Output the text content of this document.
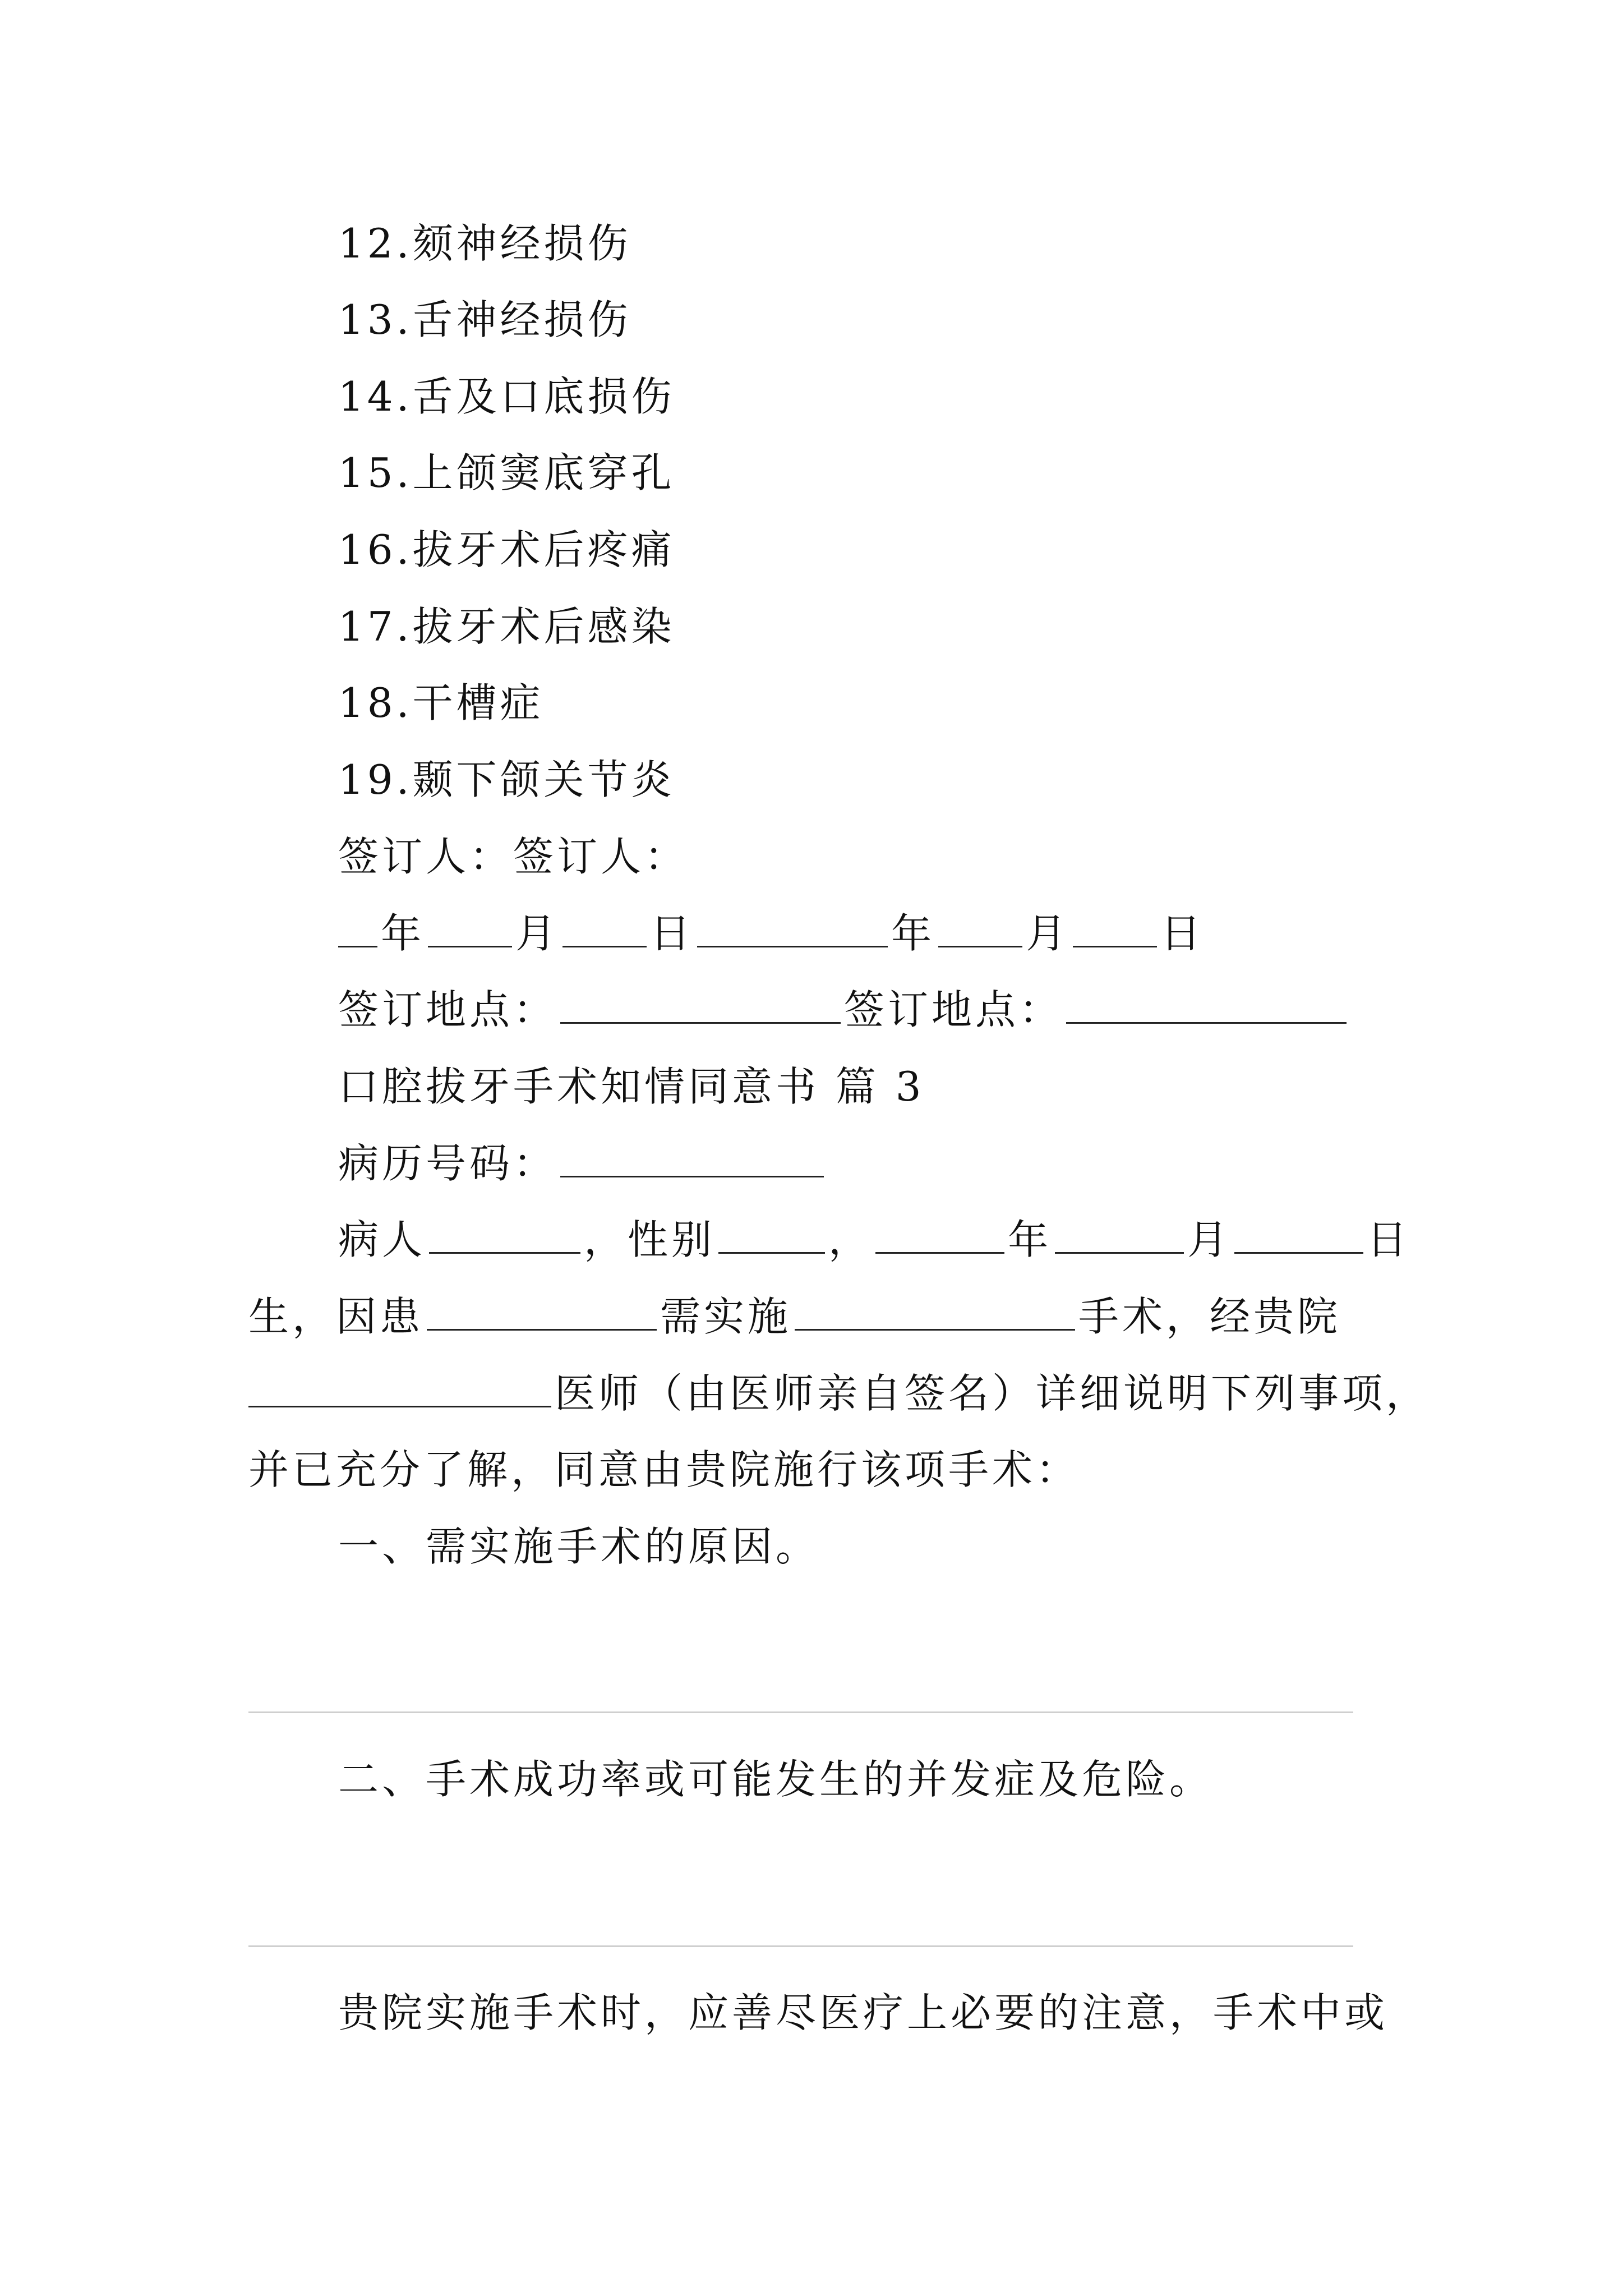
12.颏神经损伤
13.舌神经损伤
14.舌及口底损伤
15.上颌窦底穿孔
16.拔牙术后疼痛
17.拔牙术后感染
18.干槽症
19.颞下颌关节炎
签订人：签订人：
年 月 日	年 月 日
签订地点：	签订地点：
口腔拔牙手术知情同意书 篇 3
病历号码：
病人	，性别	，	年	月	日
生，因患	需实施	手术，经贵院
医师（由医师亲自签名）详细说明下列事项，
并已充分了解，同意由贵院施行该项手术：
一、需实施手术的原因。
二、手术成功率或可能发生的并发症及危险。
贵院实施手术时，应善尽医疗上必要的注意，手术中或
